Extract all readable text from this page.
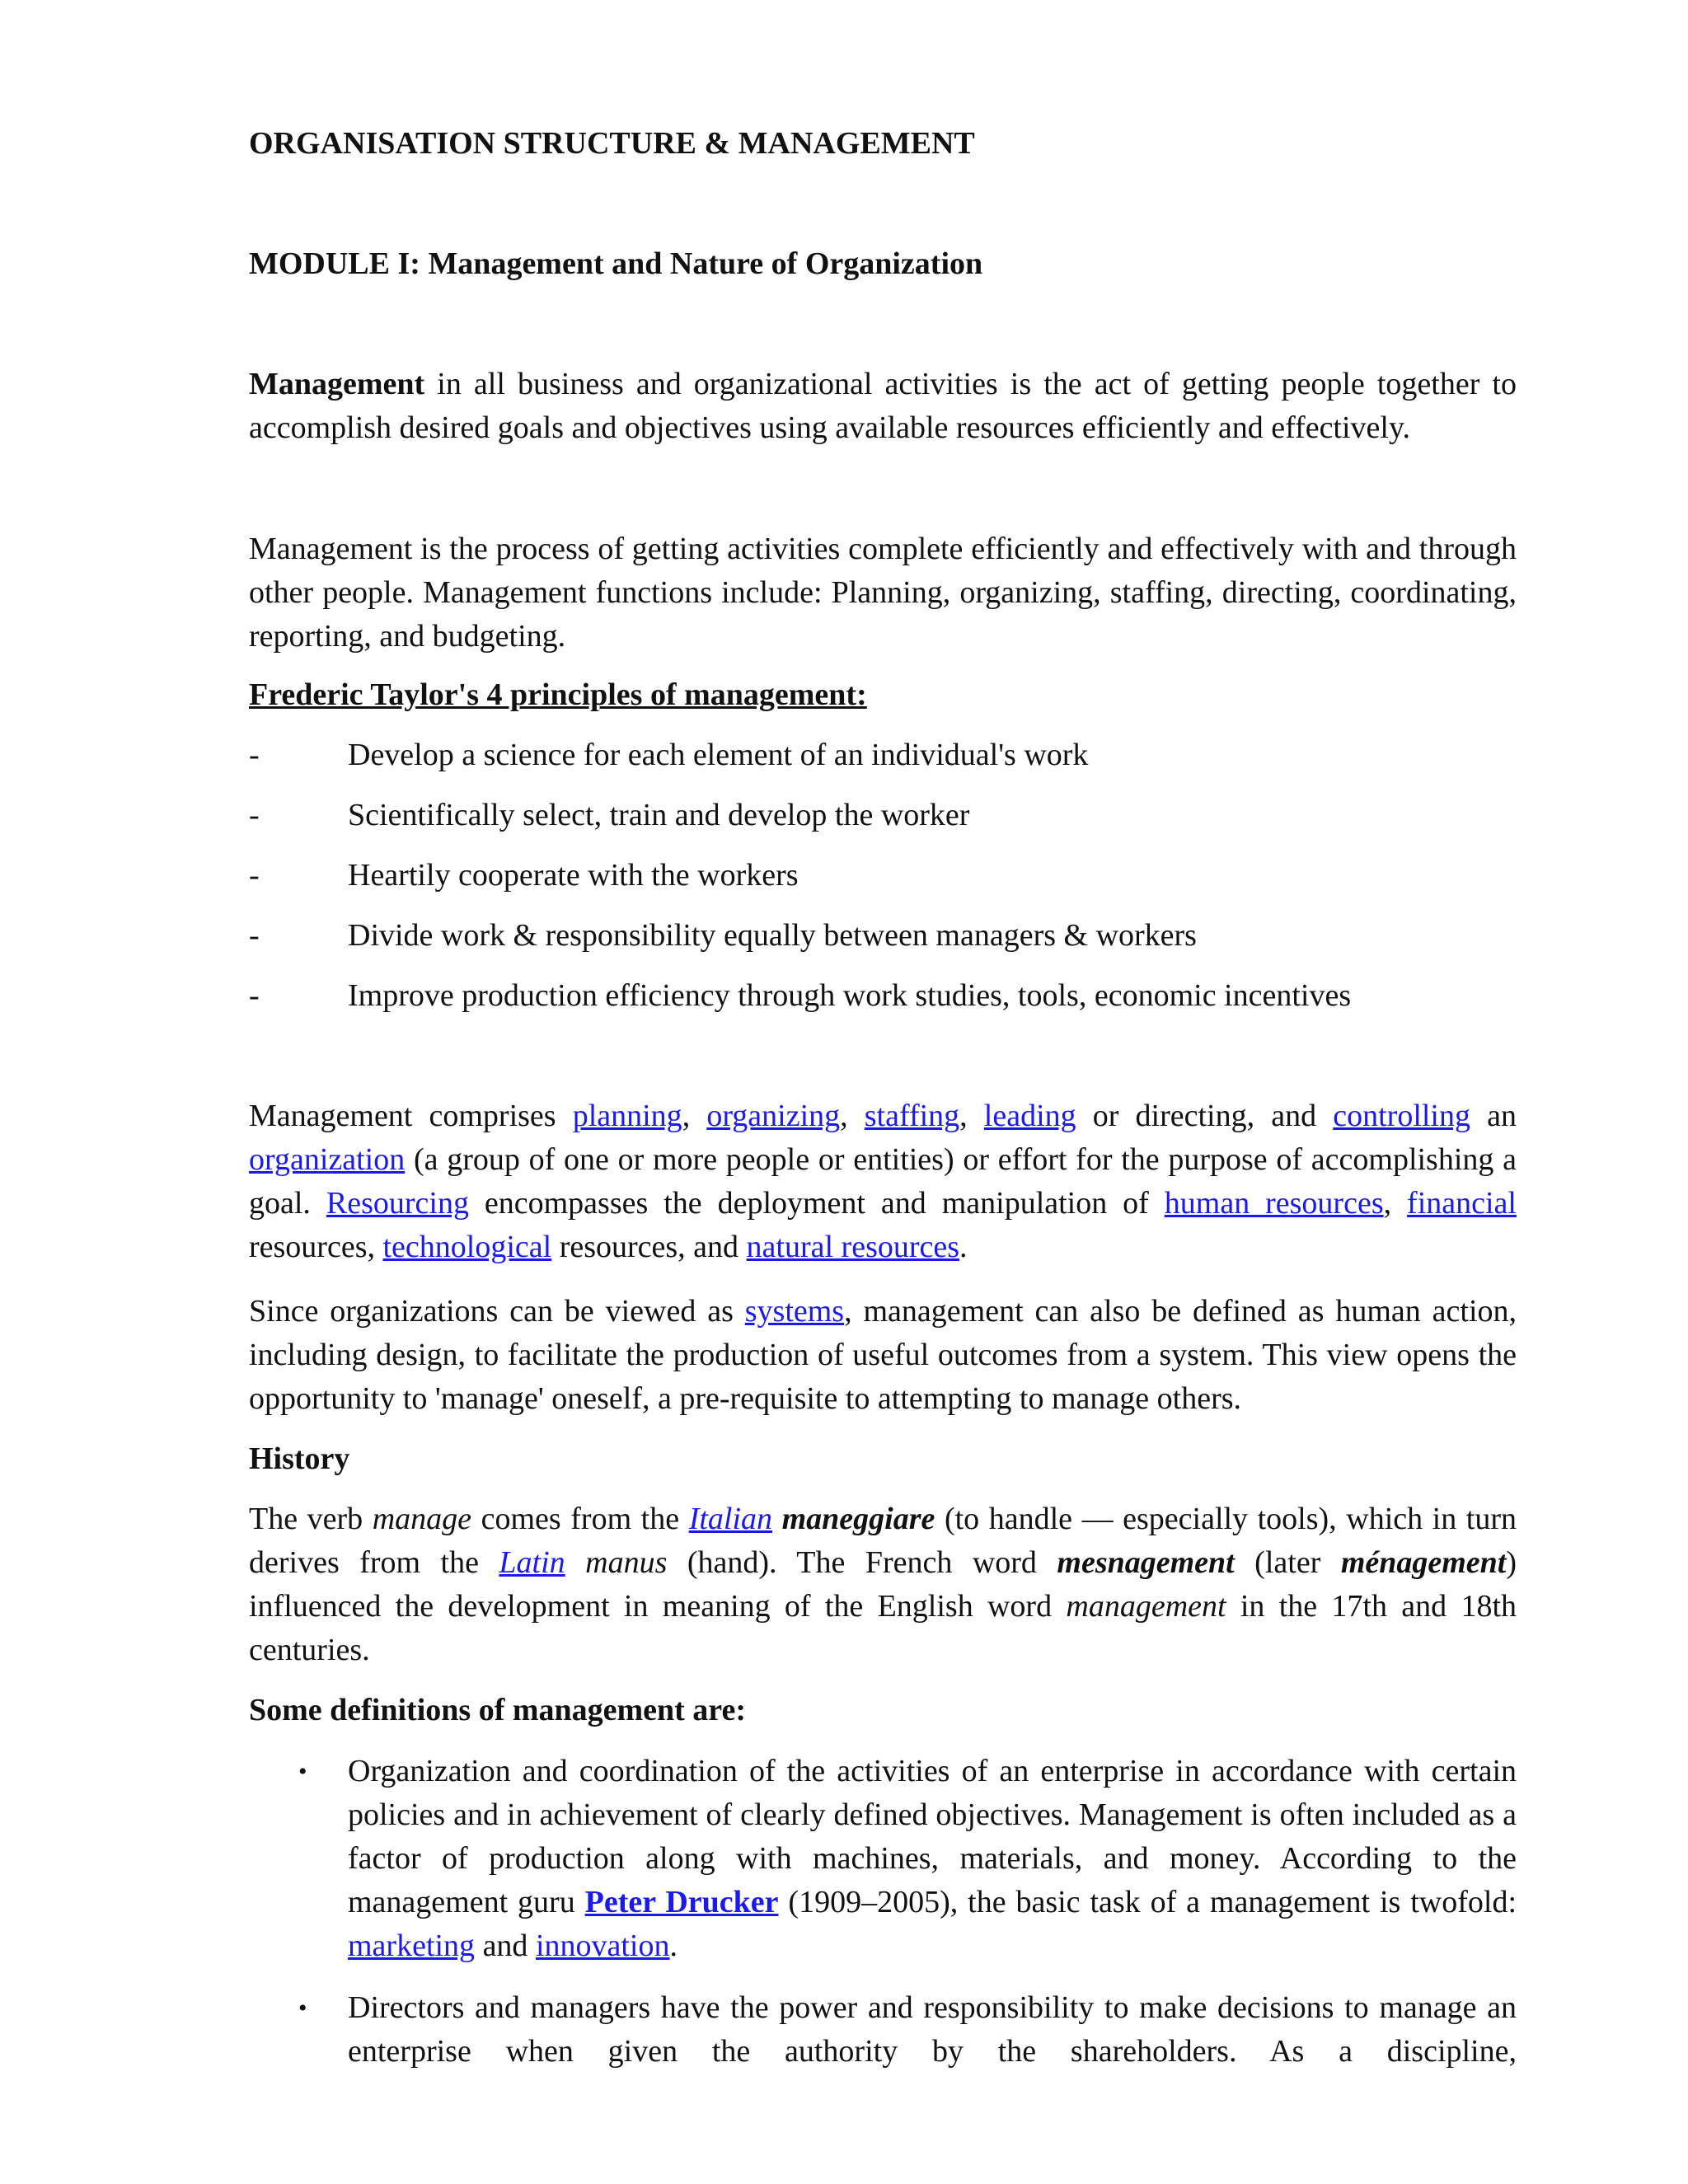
ORGANISATION STRUCTURE & MANAGEMENT

MODULE I: Management and Nature of Organization

Management in all business and organizational activities is the act of getting people together to accomplish desired goals and objectives using available resources efficiently and effectively.

Management is the process of getting activities complete efficiently and effectively with and through other people. Management functions include: Planning, organizing, staffing, directing, coordinating, reporting, and budgeting.

Frederic Taylor's 4 principles of management:

-	Develop a science for each element of an individual's work
-	Scientifically select, train and develop the worker
-	Heartily cooperate with the workers
-	Divide work & responsibility equally between managers & workers
-	Improve production efficiency through work studies, tools, economic incentives

Management comprises planning, organizing, staffing, leading or directing, and controlling an organization (a group of one or more people or entities) or effort for the purpose of accomplishing a goal. Resourcing encompasses the deployment and manipulation of human resources, financial resources, technological resources, and natural resources.

Since organizations can be viewed as systems, management can also be defined as human action, including design, to facilitate the production of useful outcomes from a system. This view opens the opportunity to 'manage' oneself, a pre-requisite to attempting to manage others.

History

The verb manage comes from the Italian maneggiare (to handle — especially tools), which in turn derives from the Latin manus (hand). The French word mesnagement (later ménagement) influenced the development in meaning of the English word management in the 17th and 18th centuries.

Some definitions of management are:

• Organization and coordination of the activities of an enterprise in accordance with certain policies and in achievement of clearly defined objectives. Management is often included as a factor of production along with machines, materials, and money. According to the management guru Peter Drucker (1909–2005), the basic task of a management is twofold: marketing and innovation.
• Directors and managers have the power and responsibility to make decisions to manage an enterprise when given the authority by the shareholders. As a discipline,
